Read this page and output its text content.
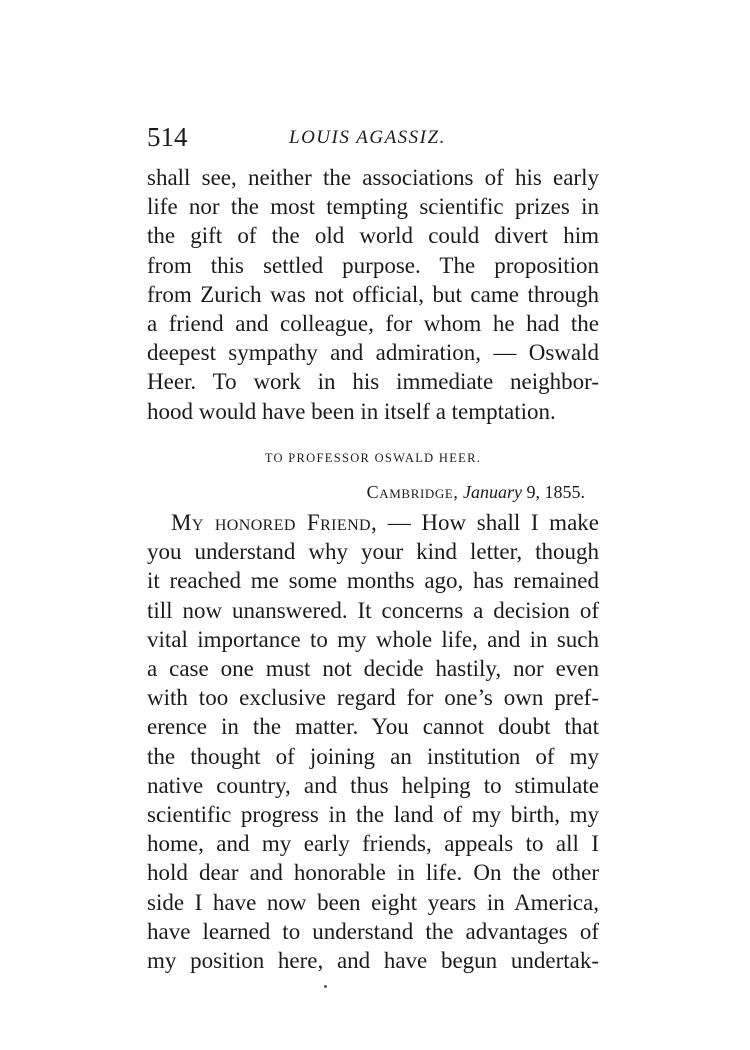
514	LOUIS AGASSIZ.
shall see, neither the associations of his early
life nor the most tempting scientific prizes in
the gift of the old world could divert him
from this settled purpose. The proposition
from Zurich was not official, but came through
a friend and colleague, for whom he had the
deepest sympathy and admiration, — Oswald
Heer. To work in his immediate neighbor-
hood would have been in itself a temptation.
TO PROFESSOR OSWALD HEER.
Cambridge, January 9, 1855.
My honored Friend, — How shall I make
you understand why your kind letter, though
it reached me some months ago, has remained
till now unanswered. It concerns a decision of
vital importance to my whole life, and in such
a case one must not decide hastily, nor even
with too exclusive regard for one’s own pref-
erence in the matter. You cannot doubt that
the thought of joining an institution of my
native country, and thus helping to stimulate
scientific progress in the land of my birth, my
home, and my early friends, appeals to all I
hold dear and honorable in life. On the other
side I have now been eight years in America,
have learned to understand the advantages of
my position here, and have begun undertak-
